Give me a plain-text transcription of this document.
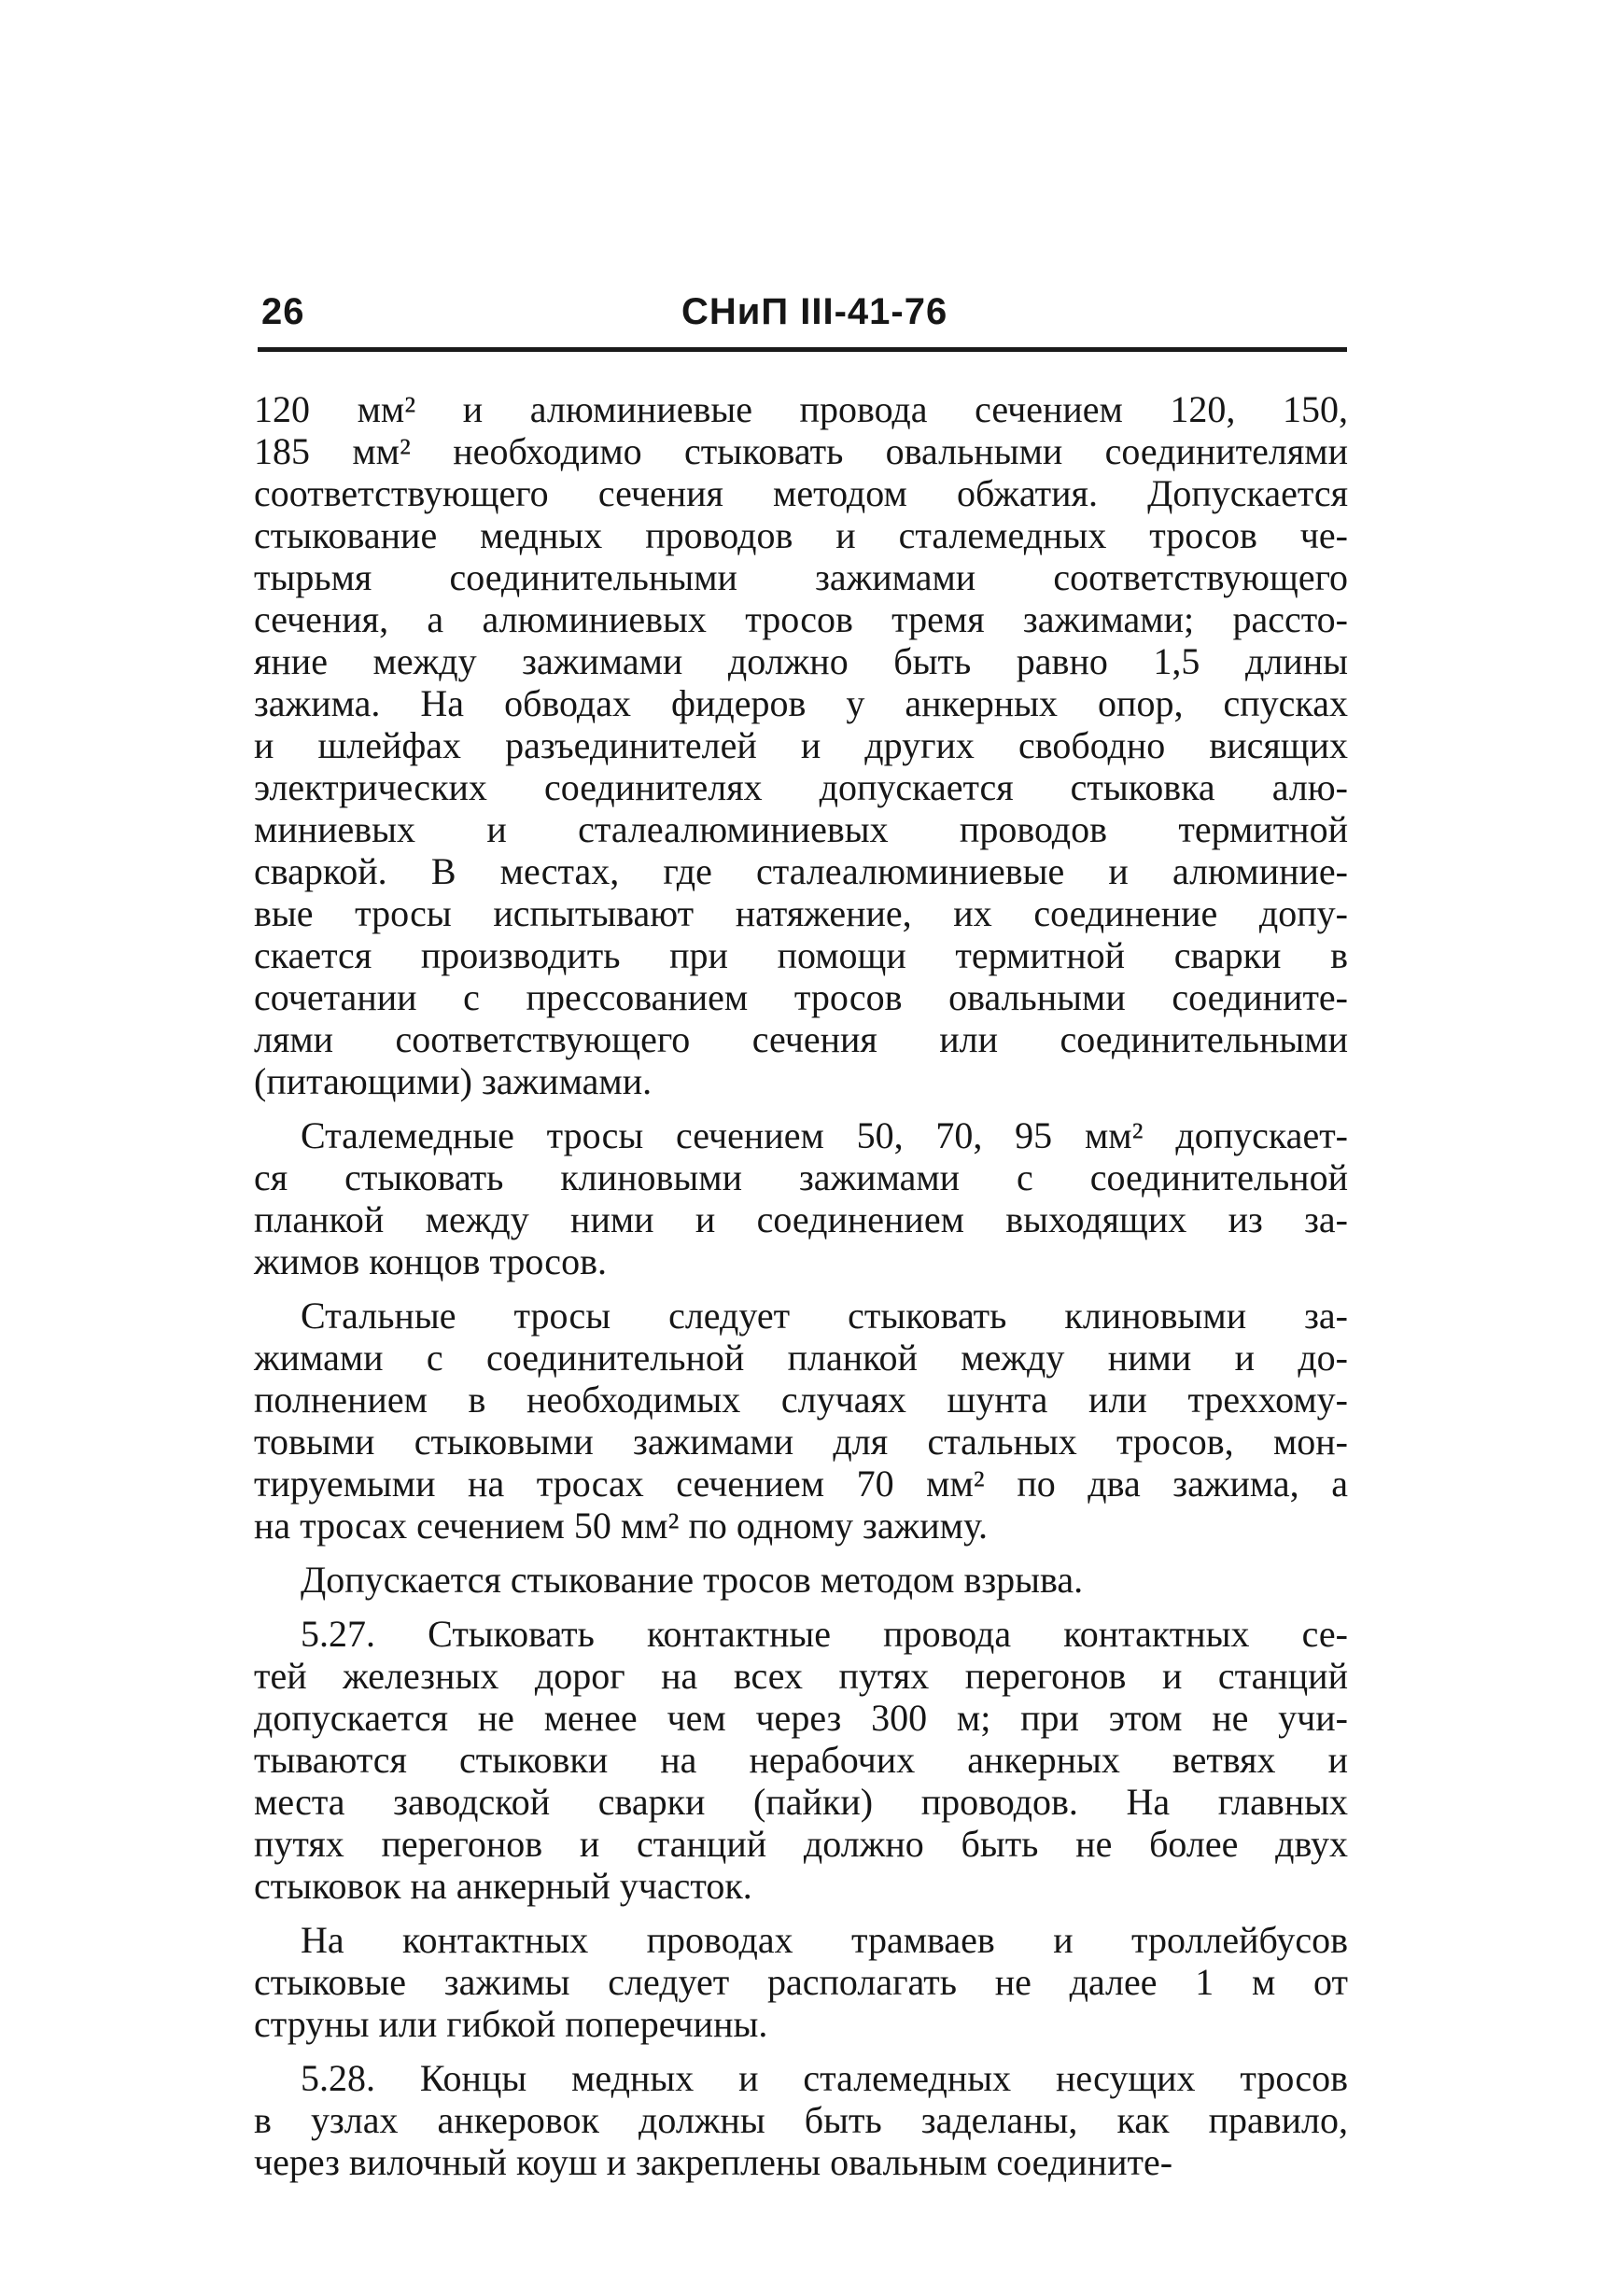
26	СНиП III-41-76
120 мм² и алюминиевые провода сечением 120, 150,
185 мм² необходимо стыковать овальными соединителями
соответствующего сечения методом обжатия. Допускается
стыкование медных проводов и сталемедных тросов че-
тырьмя соединительными зажимами соответствующего
сечения, а алюминиевых тросов тремя зажимами; рассто-
яние между зажимами должно быть равно 1,5 длины
зажима. На обводах фидеров у анкерных опор, спусках
и шлейфах разъединителей и других свободно висящих
электрических соединителях допускается стыковка алю-
миниевых и сталеалюминиевых проводов термитной
сваркой. В местах, где сталеалюминиевые и алюминие-
вые тросы испытывают натяжение, их соединение допу-
скается производить при помощи термитной сварки в
сочетании с прессованием тросов овальными соедините-
лями соответствующего сечения или соединительными
(питающими) зажимами.
Сталемедные тросы сечением 50, 70, 95 мм² допускает-
ся стыковать клиновыми зажимами с соединительной
планкой между ними и соединением выходящих из за-
жимов концов тросов.
Стальные тросы следует стыковать клиновыми за-
жимами с соединительной планкой между ними и до-
полнением в необходимых случаях шунта или треххому-
товыми стыковыми зажимами для стальных тросов, мон-
тируемыми на тросах сечением 70 мм² по два зажима, а
на тросах сечением 50 мм² по одному зажиму.
Допускается стыкование тросов методом взрыва.
5.27. Стыковать контактные провода контактных се-
тей железных дорог на всех путях перегонов и станций
допускается не менее чем через 300 м; при этом не учи-
тываются стыковки на нерабочих анкерных ветвях и
места заводской сварки (пайки) проводов. На главных
путях перегонов и станций должно быть не более двух
стыковок на анкерный участок.
На контактных проводах трамваев и троллейбусов
стыковые зажимы следует располагать не далее 1 м от
струны или гибкой поперечины.
5.28. Концы медных и сталемедных несущих тросов
в узлах анкеровок должны быть заделаны, как правило,
через вилочный коуш и закреплены овальным соедините-
